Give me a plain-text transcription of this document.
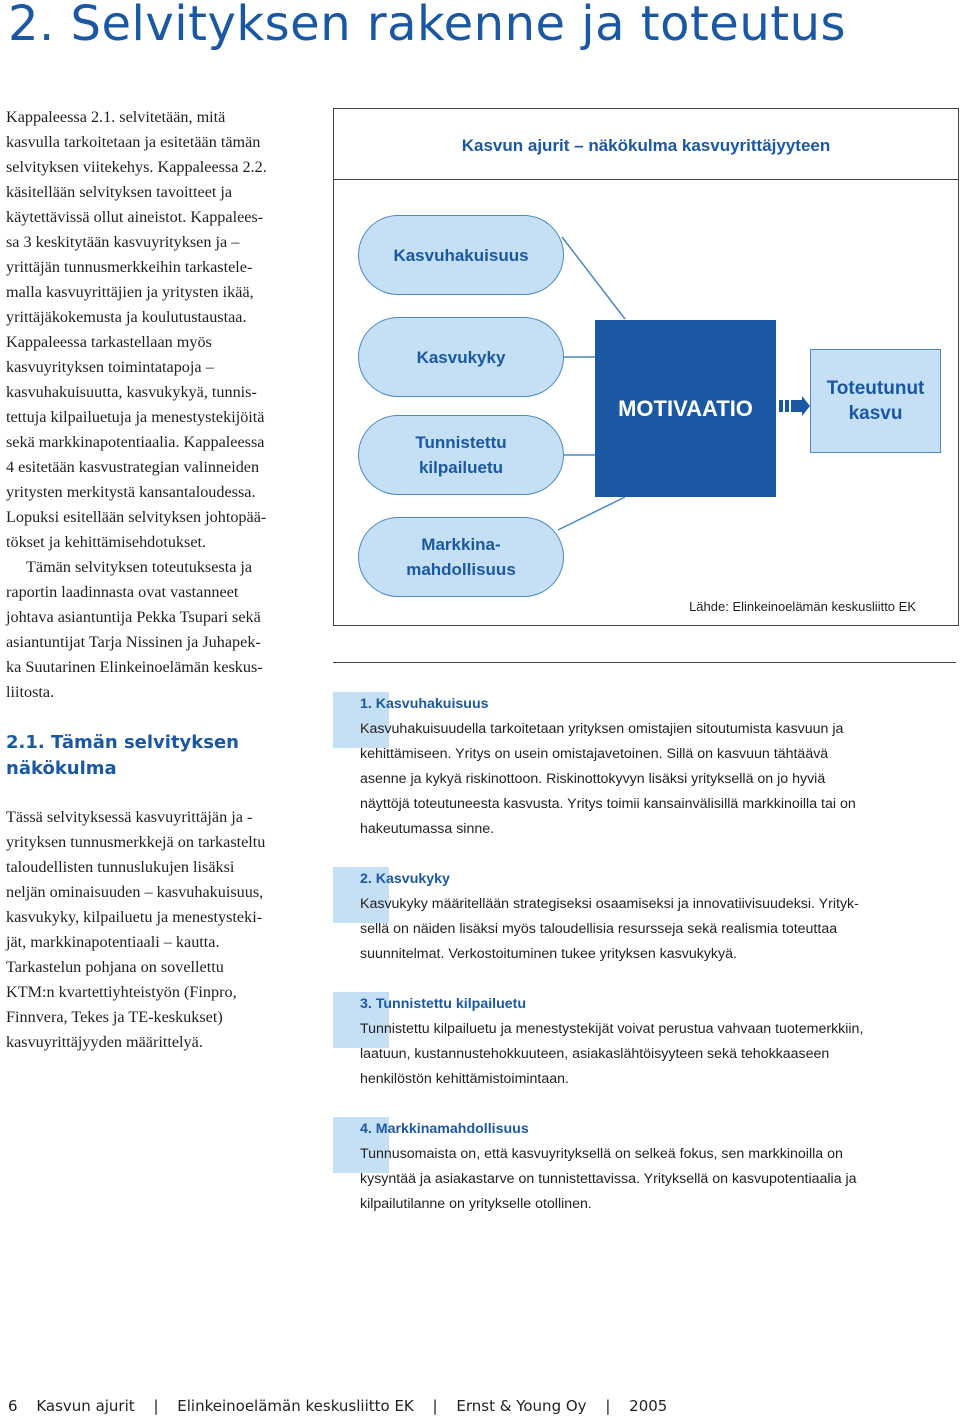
2. Selvityksen rakenne ja toteutus

Kappaleessa 2.1. selvitetään, mitä
kasvulla tarkoitetaan ja esitetään tämän
selvityksen viitekehys. Kappaleessa 2.2.
käsitellään selvityksen tavoitteet ja
käytettävissä ollut aineistot. Kappalees-
sa 3 keskitytään kasvuyrityksen ja –
yrittäjän tunnusmerkkeihin tarkastele-
malla kasvuyrittäjien ja yritysten ikää,
yrittäjäkokemusta ja koulutustaustaa.
Kappaleessa tarkastellaan myös
kasvuyrityksen toimintatapoja –
kasvuhakuisuutta, kasvukykyä, tunnis-
tettuja kilpailuetuja ja menestystekijöitä
sekä markkinapotentiaalia. Kappaleessa
4 esitetään kasvustrategian valinneiden
yritysten merkitystä kansantaloudessa.
Lopuksi esitellään selvityksen johtopää-
tökset ja kehittämisehdotukset.

Tämän selvityksen toteutuksesta ja
raportin laadinnasta ovat vastanneet
johtava asiantuntija Pekka Tsupari sekä
asiantuntijat Tarja Nissinen ja Juhapek-
ka Suutarinen Elinkeinoelämän keskus-
liitosta.

2.1. Tämän selvityksen
näkökulma

Tässä selvityksessä kasvuyrittäjän ja -
yrityksen tunnusmerkkejä on tarkasteltu
taloudellisten tunnuslukujen lisäksi
neljän ominaisuuden – kasvuhakuisuus,
kasvukyky, kilpailuetu ja menestysteki-
jät, markkinapotentiaali – kautta.
Tarkastelun pohjana on sovellettu
KTM:n kvartettiyhteistyön (Finpro,
Finnvera, Tekes ja TE-keskukset)
kasvuyrittäjyyden määrittelyä.

Kasvun ajurit – näkökulma kasvuyrittäjyyteen
Kasvuhakuisuus
Kasvukyky
Tunnistettu
kilpailuetu
Markkina-
mahdollisuus
MOTIVAATIO
Toteutunut
kasvu
Lähde: Elinkeinoelämän keskusliitto EK
1. Kasvuhakuisuus

Kasvuhakuisuudella tarkoitetaan yrityksen omistajien sitoutumista kasvuun ja
kehittämiseen. Yritys on usein omistajavetoinen. Sillä on kasvuun tähtäävä
asenne ja kykyä riskinottoon. Riskinottokyvyn lisäksi yrityksellä on jo hyviä
näyttöjä toteutuneesta kasvusta. Yritys toimii kansainvälisillä markkinoilla tai on
hakeutumassa sinne.

2. Kasvukyky

Kasvukyky määritellään strategiseksi osaamiseksi ja innovatiivisuudeksi. Yrityk-
sellä on näiden lisäksi myös taloudellisia resursseja sekä realismia toteuttaa
suunnitelmat. Verkostoituminen tukee yrityksen kasvukykyä.

3. Tunnistettu kilpailuetu

Tunnistettu kilpailuetu ja menestystekijät voivat perustua vahvaan tuotemerkkiin,
laatuun, kustannustehokkuuteen, asiakaslähtöisyyteen sekä tehokkaaseen
henkilöstön kehittämistoimintaan.

4. Markkinamahdollisuus

Tunnusomaista on, että kasvuyrityksellä on selkeä fokus, sen markkinoilla on
kysyntää ja asiakastarve on tunnistettavissa. Yrityksellä on kasvupotentiaalia ja
kilpailutilanne on yritykselle otollinen.

6 Kasvun ajurit | Elinkeinoelämän keskusliitto EK | Ernst & Young Oy | 2005
